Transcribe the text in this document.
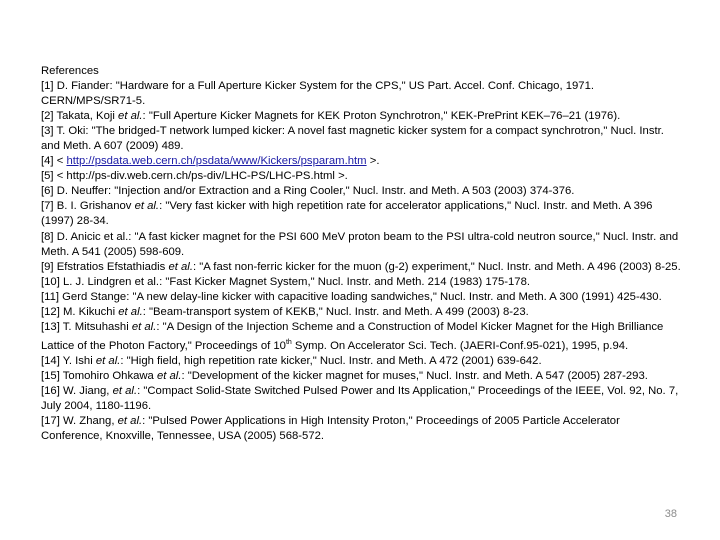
References

[1] D. Fiander: "Hardware for a Full Aperture Kicker System for the CPS," US Part. Accel. Conf. Chicago, 1971. CERN/MPS/SR71-5.

[2] Takata, Koji et al.: "Full Aperture Kicker Magnets for KEK Proton Synchrotron," KEK-PrePrint KEK–76–21 (1976).

[3] T. Oki: "The bridged-T network lumped kicker: A novel fast magnetic kicker system for a compact synchrotron," Nucl. Instr. and Meth. A 607 (2009) 489.

[4] < http://psdata.web.cern.ch/psdata/www/Kickers/psparam.htm >.

[5] < http://ps-div.web.cern.ch/ps-div/LHC-PS/LHC-PS.html >.

[6] D. Neuffer: "Injection and/or Extraction and a Ring Cooler," Nucl. Instr. and Meth. A 503 (2003) 374-376.

[7] B. I. Grishanov et al.: "Very fast kicker with high repetition rate for accelerator applications," Nucl. Instr. and Meth. A 396 (1997) 28-34.

[8] D. Anicic et al.: "A fast kicker magnet for the PSI 600 MeV proton beam to the PSI ultra-cold neutron source," Nucl. Instr. and Meth. A 541 (2005) 598-609.

[9] Efstratios Efstathiadis et al.: "A fast non-ferric kicker for the muon (g-2) experiment," Nucl. Instr. and Meth. A 496 (2003) 8-25.

[10] L. J. Lindgren et al.: "Fast Kicker Magnet System," Nucl. Instr. and Meth. 214 (1983) 175-178.

[11] Gerd Stange: "A new delay-line kicker with capacitive loading sandwiches," Nucl. Instr. and Meth. A 300 (1991) 425-430.

[12] M. Kikuchi et al.: "Beam-transport system of KEKB," Nucl. Instr. and Meth. A 499 (2003) 8-23.

[13] T. Mitsuhashi et al.: "A Design of the Injection Scheme and a Construction of Model Kicker Magnet for the High Brilliance Lattice of the Photon Factory," Proceedings of 10th Symp. On Accelerator Sci. Tech. (JAERI-Conf.95-021), 1995, p.94.

[14] Y. Ishi et al.: "High field, high repetition rate kicker," Nucl. Instr. and Meth. A 472 (2001) 639-642.

[15] Tomohiro Ohkawa et al.: "Development of the kicker magnet for muses," Nucl. Instr. and Meth. A 547 (2005) 287-293.

[16] W. Jiang, et al.: "Compact Solid-State Switched Pulsed Power and Its Application," Proceedings of the IEEE, Vol. 92, No. 7, July 2004, 1180-1196.

[17] W. Zhang, et al.: "Pulsed Power Applications in High Intensity Proton," Proceedings of 2005 Particle Accelerator Conference, Knoxville, Tennessee, USA (2005) 568-572.

38
